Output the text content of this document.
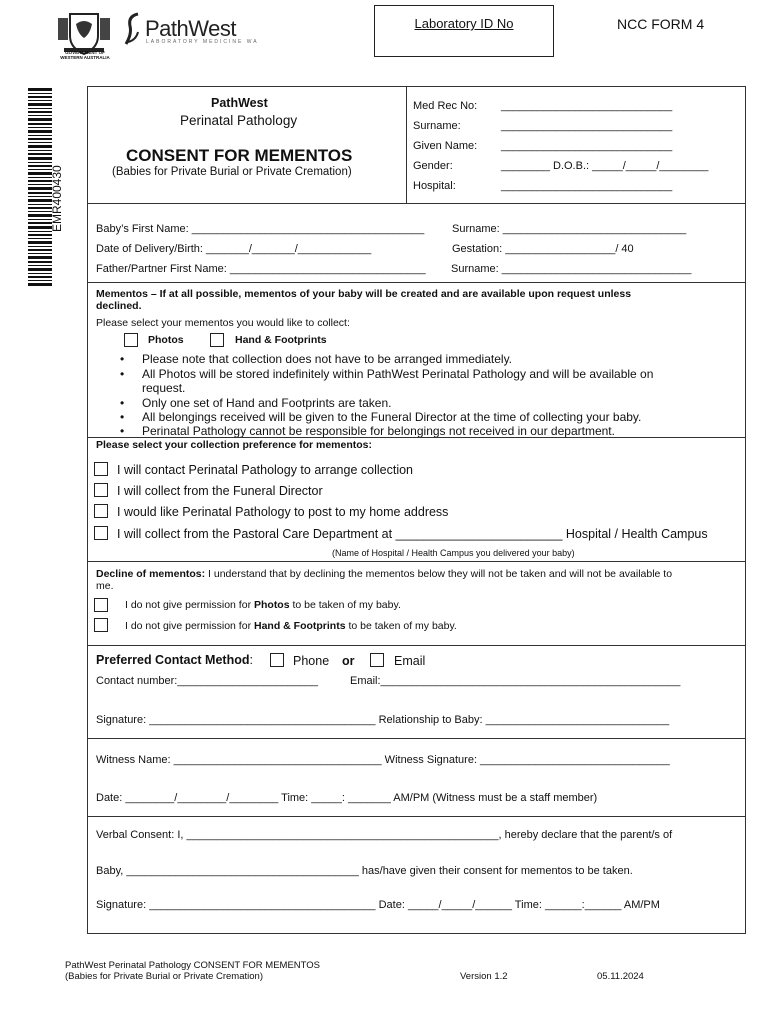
GOVERNMENT OF
WESTERN AUSTRALIA
PathWest
LABORATORY MEDICINE WA
Laboratory ID No	NCC FORM 4
EMR400430
PathWest
Perinatal Pathology
CONSENT FOR MEMENTOS
(Babies for Private Burial or Private Cremation)
Med Rec No: ____________________________
Surname:	____________________________
Given Name: ____________________________
Gender:	________ D.O.B.: _____/_____/________
Hospital:	____________________________
Baby’s First Name: ______________________________________	Surname: ______________________________
Date of Delivery/Birth: _______/_______/____________	Gestation: __________________/ 40
Father/Partner First Name: ________________________________ Surname: _______________________________
Mementos – If at all possible, mementos of your baby will be created and are available upon request unless
declined.
Please select your mementos you would like to collect:
Photos	Hand & Footprints
• Please note that collection does not have to be arranged immediately.
• All Photos will be stored indefinitely within PathWest Perinatal Pathology and will be available on
request.
• Only one set of Hand and Footprints are taken.
• All belongings received will be given to the Funeral Director at the time of collecting your baby.
• Perinatal Pathology cannot be responsible for belongings not received in our department.
Please select your collection preference for mementos:
I will contact Perinatal Pathology to arrange collection
I will collect from the Funeral Director
I would like Perinatal Pathology to post to my home address
I will collect from the Pastoral Care Department at ________________________ Hospital / Health Campus
(Name of Hospital / Health Campus you delivered your baby)
Decline of mementos: I understand that by declining the mementos below they will not be taken and will not be available to
me.
I do not give permission for Photos to be taken of my baby.
I do not give permission for Hand & Footprints to be taken of my baby.
Preferred Contact Method:	Phone or	Email
Contact number:_______________________	Email:_________________________________________________
Signature: _____________________________________ Relationship to Baby: ______________________________
Witness Name: __________________________________ Witness Signature: _______________________________
Date: ________/________/________ Time: _____: _______ AM/PM (Witness must be a staff member)
Verbal Consent: I, ___________________________________________________, hereby declare that the parent/s of
Baby, ______________________________________ has/have given their consent for mementos to be taken.
Signature: _____________________________________ Date: _____/_____/______ Time: ______:______ AM/PM
PathWest Perinatal Pathology CONSENT FOR MEMENTOS
(Babies for Private Burial or Private Cremation)	Version 1.2	05.11.2024
